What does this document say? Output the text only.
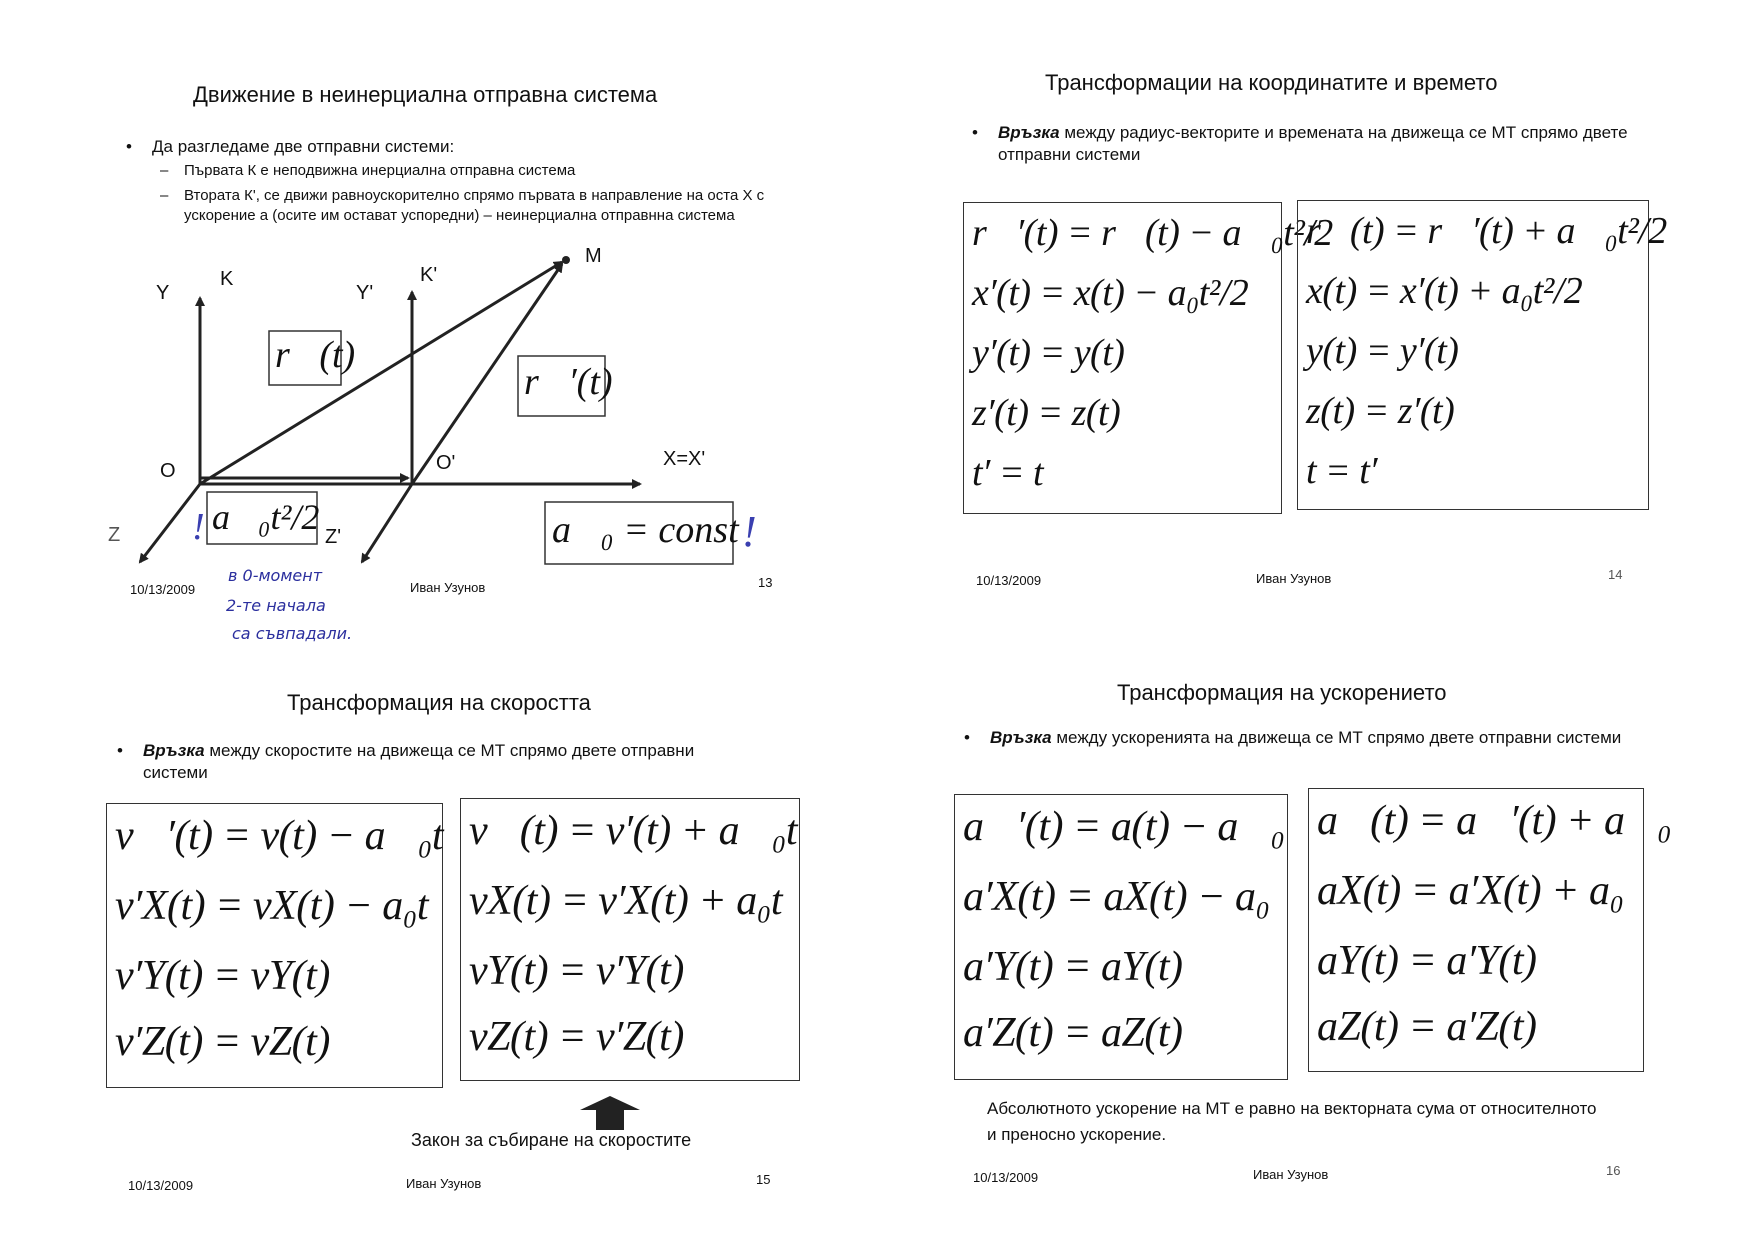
Движение в неинерциална отправна система
• Да разгледаме две отправни системи:
– Първата К е неподвижна инерциална отправна система
– Втората К', се движи равноускорително спрямо първата в направление на оста Х с ускорение а (осите им остават успоредни) – неинерциална отправнна система
Y
K
Y'
K'
M
O	O'	X=X'
Z	Z'
r⃗(t)
r⃗′(t)
a⃗₀t²/2	a⃗₀ = const
!	!
в 0-момент
2-те начала
са съвпадали.
10/13/2009	Иван Узунов	13
Трансформации на координатите и времето
• Връзка между радиус-векторите и времената на движеща се МТ спрямо двете отправни системи
r⃗′(t) = r⃗(t) − a⃗₀t²/2
x′(t) = x(t) − a₀t²/2
y′(t) = y(t)
z′(t) = z(t)
t′ = t
r⃗(t) = r⃗′(t) + a⃗₀t²/2
x(t) = x′(t) + a₀t²/2
y(t) = y′(t)
z(t) = z′(t)
t = t′
10/13/2009	Иван Узунов	14
Трансформация на скоростта
• Връзка между скоростите на движеща се МТ спрямо двете отправни системи
v⃗′(t) = v(t) − a⃗₀t
v′X(t) = vX(t) − a₀t
v′Y(t) = vY(t)
v′Z(t) = vZ(t)
v⃗(t) = v′(t) + a⃗₀t
vX(t) = v′X(t) + a₀t
vY(t) = v′Y(t)
vZ(t) = v′Z(t)
Закон за събиране на скоростите
10/13/2009	Иван Узунов	15
Трансформация на ускорението
• Връзка между ускоренията на движеща се МТ спрямо двете отправни системи
a⃗′(t) = a(t) − a⃗₀
a′X(t) = aX(t) − a₀
a′Y(t) = aY(t)
a′Z(t) = aZ(t)
a⃗(t) = a⃗′(t) + a⃗₀
aX(t) = a′X(t) + a₀
aY(t) = a′Y(t)
aZ(t) = a′Z(t)
Абсолютното ускорение на МТ е равно на векторната сума от относителното и преносно ускорение.
10/13/2009	Иван Узунов	16
